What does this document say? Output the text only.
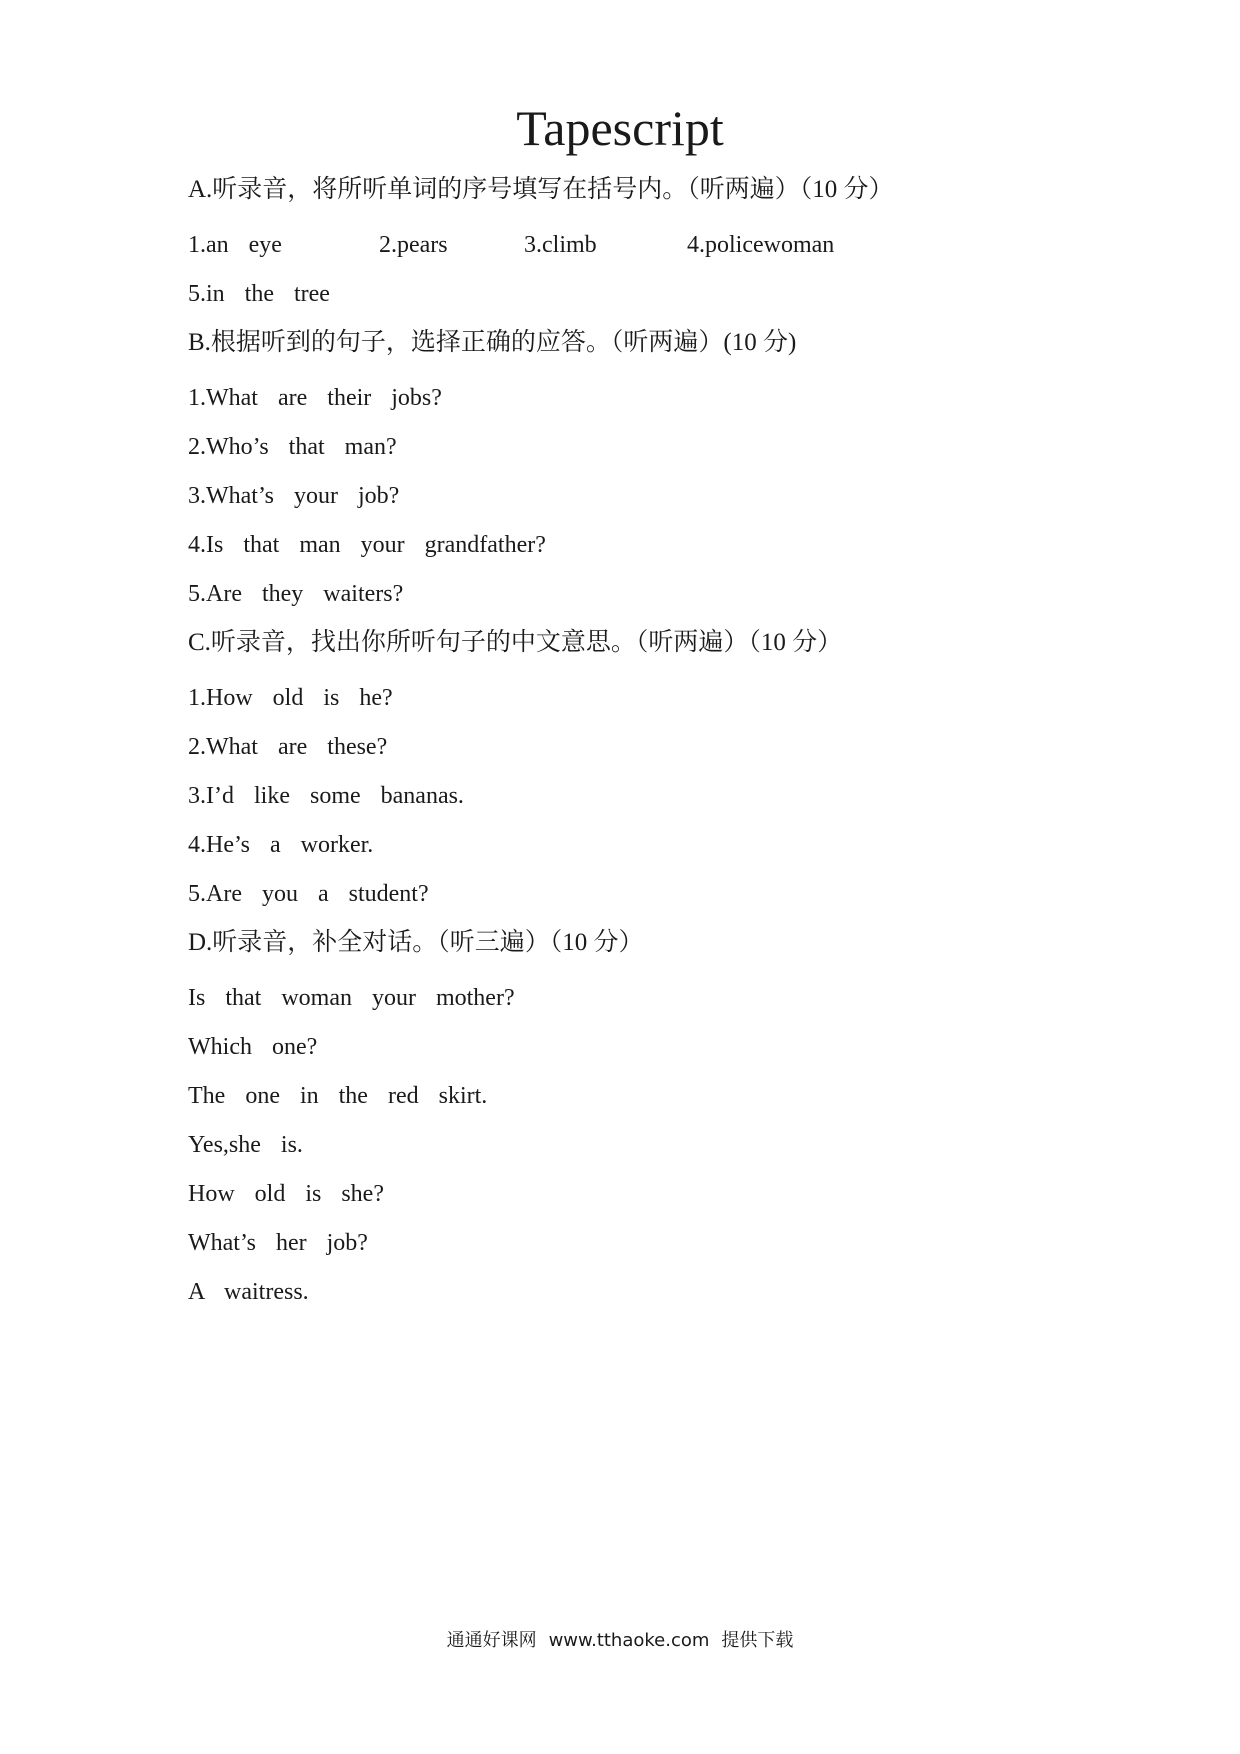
Tapescript
A.听录音，将所听单词的序号填写在括号内。（听两遍）（10 分）
1.an eye	2.pears	3.climb	4.policewoman
5.in the tree
B.根据听到的句子，选择正确的应答。（听两遍）(10 分)
1.What are their jobs?
2.Who’s that man?
3.What’s your job?
4.Is that man your grandfather?
5.Are they waiters?
C.听录音，找出你所听句子的中文意思。（听两遍）（10 分）
1.How old is he?
2.What are these?
3.I’d like some bananas.
4.He’s a worker.
5.Are you a student?
D.听录音，补全对话。（听三遍）（10 分）
Is that woman your mother?
Which one?
The one in the red skirt.
Yes,she is.
How old is she?
What’s her job?
A waitress.
通通好课网 www.tthaoke.com 提供下载
